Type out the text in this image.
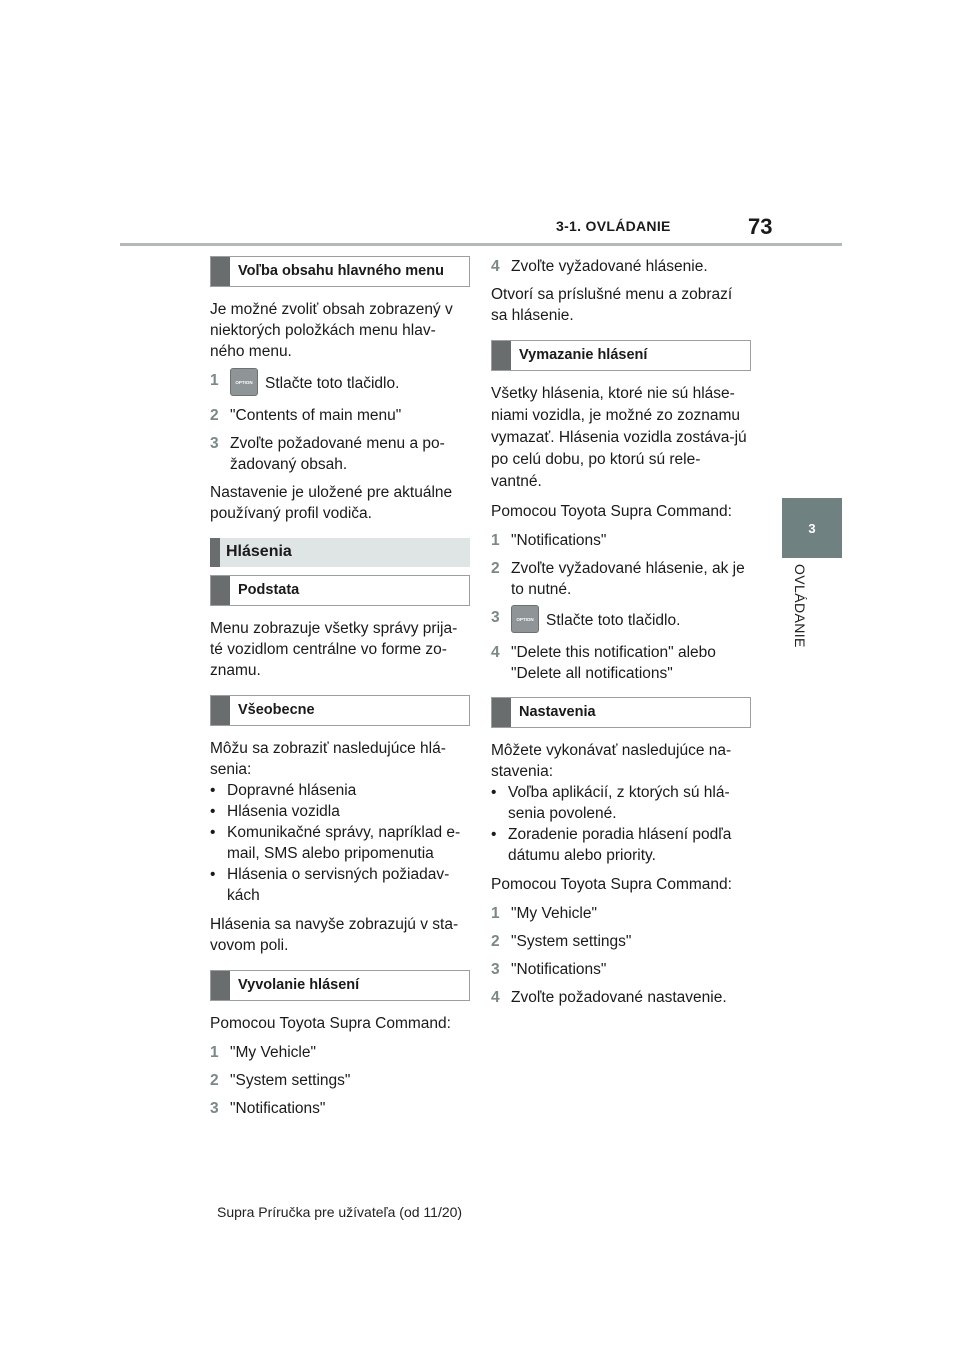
3-1. OVLÁDANIE	73
3
OVLÁDANIE
Voľba obsahu hlavného menu

Je možné zvoliť obsah zobrazený v niektorých položkách menu hlav-ného menu.

1	OPTION Stlačte toto tlačidlo.
2 "Contents of main menu"
3 Zvoľte požadované menu a po-žadovaný obsah.

Nastavenie je uložené pre aktuálne používaný profil vodiča.

Hlásenia
Podstata

Menu zobrazuje všetky správy prija-té vozidlom centrálne vo forme zo-znamu.

Všeobecne

Môžu sa zobraziť nasledujúce hlá-senia:

• Dopravné hlásenia
• Hlásenia vozidla
• Komunikačné správy, napríklad e-mail, SMS alebo pripomenutia
• Hlásenia o servisných požiadav-kách

Hlásenia sa navyše zobrazujú v sta-vovom poli.

Vyvolanie hlásení

Pomocou Toyota Supra Command:

1 "My Vehicle"
2 "System settings"
3 "Notifications"
4 Zvoľte vyžadované hlásenie.

Otvorí sa príslušné menu a zobrazí sa hlásenie.

Vymazanie hlásení

Všetky hlásenia, ktoré nie sú hláse-niami vozidla, je možné zo zoznamu vymazať. Hlásenia vozidla zostáva-jú po celú dobu, po ktorú sú rele-vantné.

Pomocou Toyota Supra Command:

1 "Notifications"
2 Zvoľte vyžadované hlásenie, ak je to nutné.
3	OPTION Stlačte toto tlačidlo.
4 "Delete this notification" alebo "Delete all notifications"
Nastavenia

Môžete vykonávať nasledujúce na-stavenia:

• Voľba aplikácií, z ktorých sú hlá-senia povolené.
• Zoradenie poradia hlásení podľa dátumu alebo priority.

Pomocou Toyota Supra Command:

1 "My Vehicle"
2 "System settings"
3 "Notifications"
4 Zvoľte požadované nastavenie.
Supra Príručka pre užívateľa (od 11/20)
